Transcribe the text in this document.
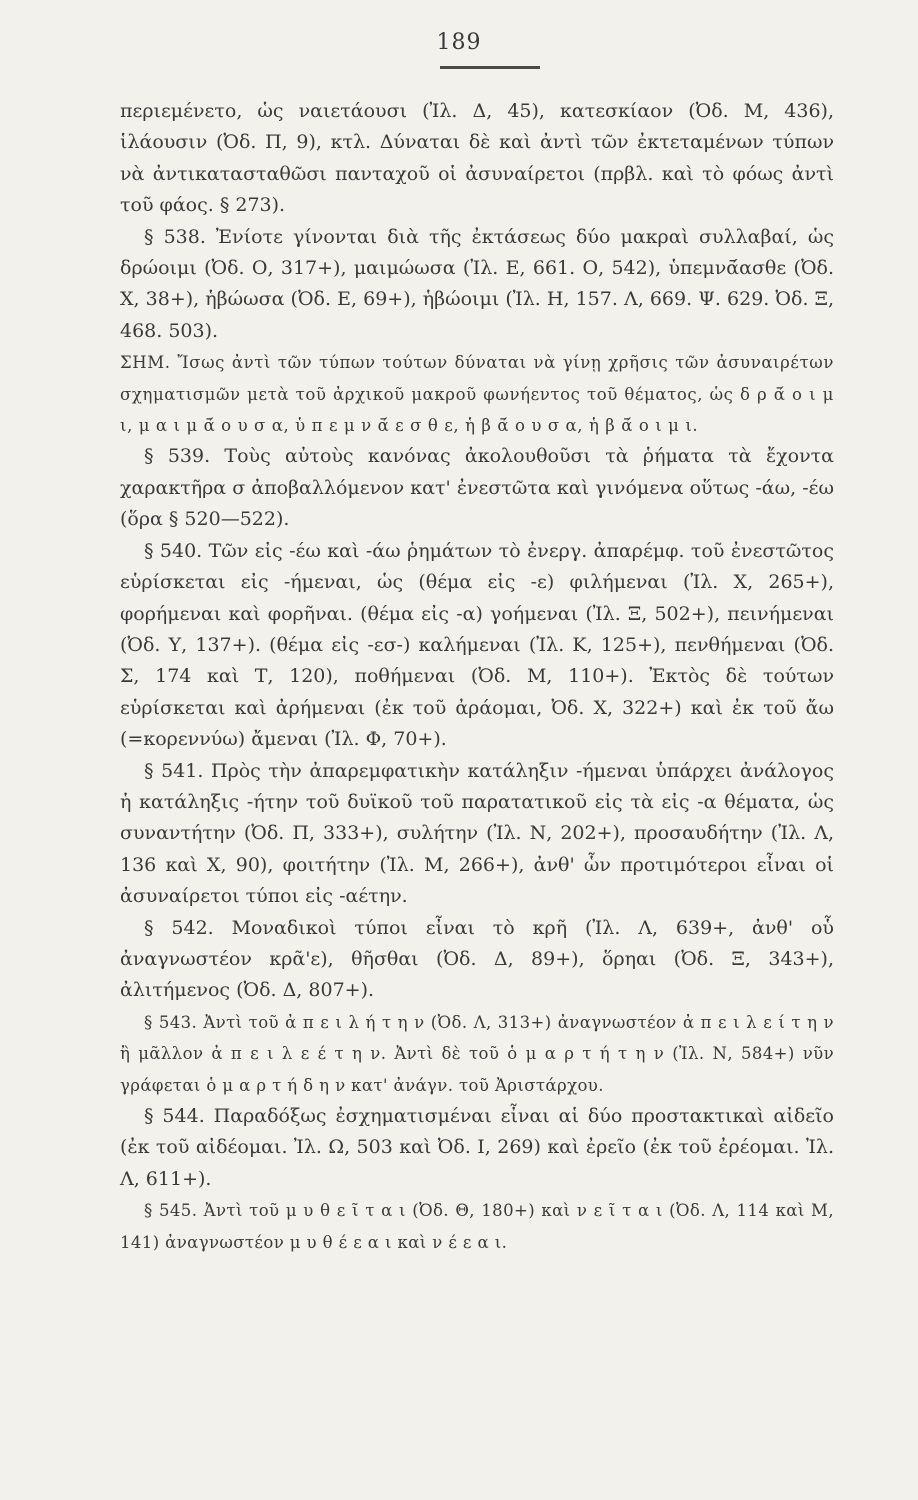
189

περιεμένετο, ὡς ναιετάουσι (Ἰλ. Δ, 45), κατεσκίαον (Ὀδ. Μ, 436), ἱλάουσιν (Ὀδ. Π, 9), κτλ. Δύναται δὲ καὶ ἀντὶ τῶν ἐκτεταμένων τύπων νὰ ἀντικατασταθῶσι πανταχοῦ οἱ ἀσυναίρετοι (πρβλ. καὶ τὸ φόως ἀντὶ τοῦ φάος. § 273).

§ 538. Ἐνίοτε γίνονται διὰ τῆς ἐκτάσεως δύο μακραὶ συλλαβαί, ὡς δρώοιμι (Ὀδ. Ο, 317+), μαιμώωσα (Ἰλ. Ε, 661. Ο, 542), ὑπεμνᾱ́ασθε (Ὀδ. Χ, 38+), ἡβώωσα (Ὀδ. Ε, 69+), ἡβώοιμι (Ἰλ. Η, 157. Λ, 669. Ψ. 629. Ὀδ. Ξ, 468. 503).

ΣΗΜ. Ἴσως ἀντὶ τῶν τύπων τούτων δύναται νὰ γίνῃ χρῆσις τῶν ἀσυναιρέτων σχηματισμῶν μετὰ τοῦ ἀρχικοῦ μακροῦ φωνήεντος τοῦ θέματος, ὡς δ ρ ᾱ́ ο ι μ ι, μ α ι μ ᾱ́ ο υ σ α, ὑ π ε μ ν ᾱ́ ε σ θ ε, ἡ β ᾱ́ ο υ σ α, ἡ β ᾱ́ ο ι μ ι.

§ 539. Τοὺς αὐτοὺς κανόνας ἀκολουθοῦσι τὰ ῥήματα τὰ ἔχοντα χαρακτῆρα σ ἀποβαλλόμενον κατ' ἐνεστῶτα καὶ γινόμενα οὕτως -άω, -έω (ὅρα § 520—522).

§ 540. Τῶν εἰς -έω καὶ -άω ῥημάτων τὸ ἐνεργ. ἀπαρέμφ. τοῦ ἐνεστῶτος εὑρίσκεται εἰς -ήμεναι, ὡς (θέμα εἰς -ε) φιλήμεναι (Ἰλ. Χ, 265+), φορήμεναι καὶ φορῆναι. (θέμα εἰς -α) γοήμεναι (Ἰλ. Ξ, 502+), πεινήμεναι (Ὀδ. Υ, 137+). (θέμα εἰς -εσ-) καλήμεναι (Ἰλ. Κ, 125+), πενθήμεναι (Ὀδ. Σ, 174 καὶ Τ, 120), ποθήμεναι (Ὀδ. Μ, 110+). Ἐκτὸς δὲ τούτων εὑρίσκεται καὶ ἀρήμεναι (ἐκ τοῦ ἀράομαι, Ὀδ. Χ, 322+) καὶ ἐκ τοῦ ἄω (=κορεννύω) ἄμεναι (Ἰλ. Φ, 70+).

§ 541. Πρὸς τὴν ἀπαρεμφατικὴν κατάληξιν -ήμεναι ὑπάρχει ἀνάλογος ἡ κατάληξις -ήτην τοῦ δυϊκοῦ τοῦ παρατατικοῦ εἰς τὰ εἰς -α θέματα, ὡς συναντήτην (Ὀδ. Π, 333+), συλήτην (Ἰλ. Ν, 202+), προσαυδήτην (Ἰλ. Λ, 136 καὶ Χ, 90), φοιτήτην (Ἰλ. Μ, 266+), ἀνθ' ὧν προτιμότεροι εἶναι οἱ ἀσυναίρετοι τύποι εἰς -αέτην.

§ 542. Μοναδικοὶ τύποι εἶναι τὸ κρῆ (Ἰλ. Λ, 639+, ἀνθ' οὗ ἀναγνωστέον κρᾶ'ε), θῆσθαι (Ὀδ. Δ, 89+), ὅρηαι (Ὀδ. Ξ, 343+), ἀλιτήμενος (Ὀδ. Δ, 807+).

§ 543. Ἀντὶ τοῦ ἀ π ε ι λ ή τ η ν (Ὀδ. Λ, 313+) ἀναγνωστέον ἀ π ε ι λ ε ί τ η ν ἢ μᾶλλον ἀ π ε ι λ ε έ τ η ν. Ἀντὶ δὲ τοῦ ὁ μ α ρ τ ή τ η ν (Ἰλ. Ν, 584+) νῦν γράφεται ὁ μ α ρ τ ή δ η ν κατ' ἀνάγν. τοῦ Ἀριστάρχου.

§ 544. Παραδόξως ἐσχηματισμέναι εἶναι αἱ δύο προστακτικαὶ αἰδεῖο (ἐκ τοῦ αἰδέομαι. Ἰλ. Ω, 503 καὶ Ὀδ. Ι, 269) καὶ ἐρεῖο (ἐκ τοῦ ἐρέομαι. Ἰλ. Λ, 611+).

§ 545. Ἀντὶ τοῦ μ υ θ ε ῖ τ α ι (Ὀδ. Θ, 180+) καὶ ν ε ῖ τ α ι (Ὀδ. Λ, 114 καὶ Μ, 141) ἀναγνωστέον μ υ θ έ ε α ι καὶ ν έ ε α ι.
